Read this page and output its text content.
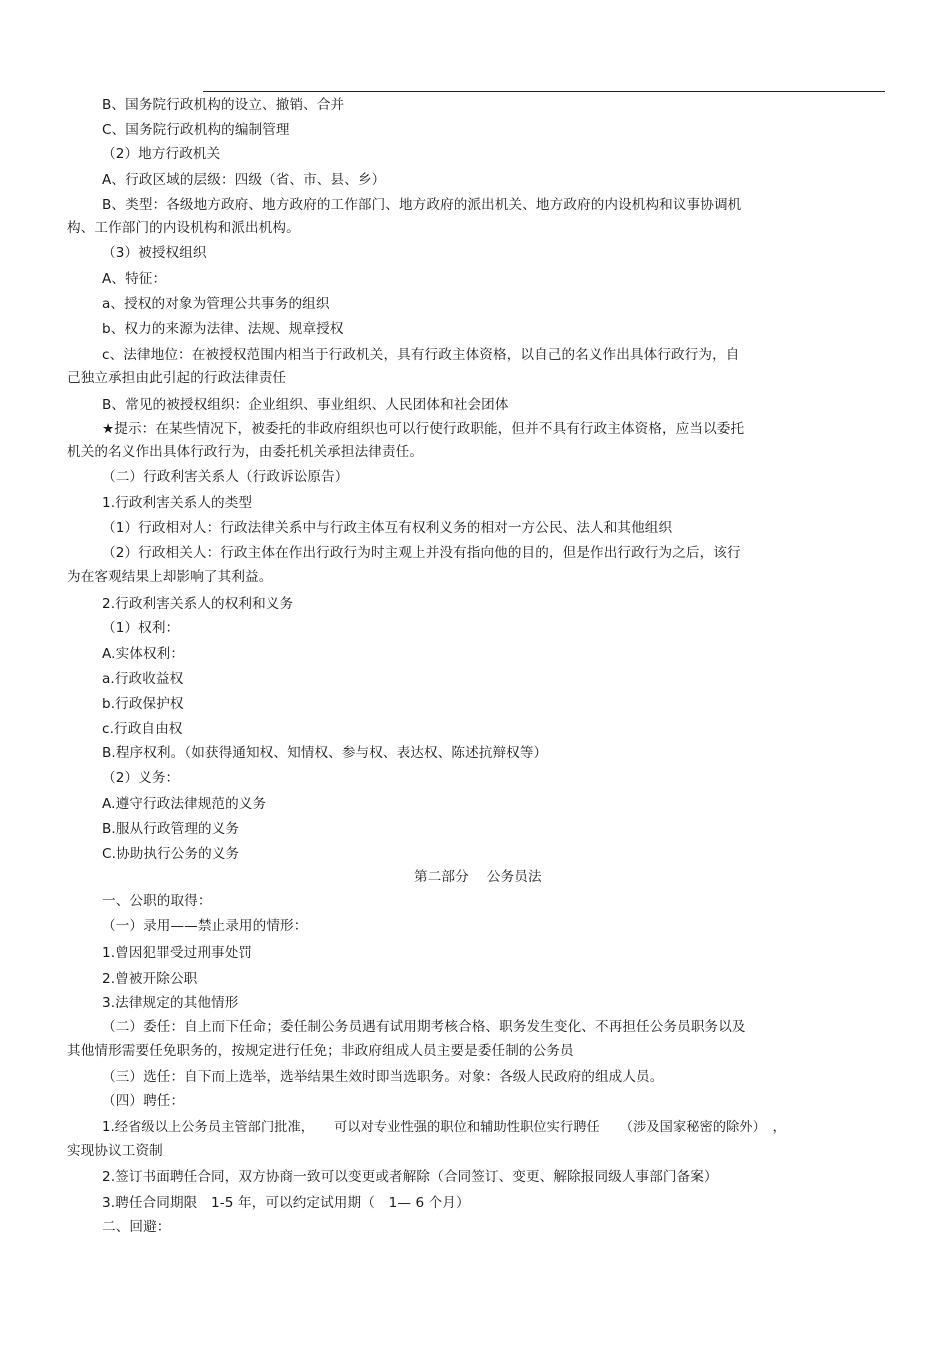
B、国务院行政机构的设立、撤销、合并
C、国务院行政机构的编制管理
（2）地方行政机关
A、行政区域的层级：四级（省、市、县、乡）
B、类型：各级地方政府、地方政府的工作部门、地方政府的派出机关、地方政府的内设机构和议事协调机
构、工作部门的内设机构和派出机构。
（3）被授权组织
A、特征：
a、授权的对象为管理公共事务的组织
b、权力的来源为法律、法规、规章授权
c、法律地位：在被授权范围内相当于行政机关，具有行政主体资格，以自己的名义作出具体行政行为，自
己独立承担由此引起的行政法律责任
B、常见的被授权组织：企业组织、事业组织、人民团体和社会团体
★提示：在某些情况下，被委托的非政府组织也可以行使行政职能，但并不具有行政主体资格，应当以委托
机关的名义作出具体行政行为，由委托机关承担法律责任。
（二）行政利害关系人（行政诉讼原告）
1.行政利害关系人的类型
（1）行政相对人：行政法律关系中与行政主体互有权利义务的相对一方公民、法人和其他组织
（2）行政相关人：行政主体在作出行政行为时主观上并没有指向他的目的，但是作出行政行为之后，该行
为在客观结果上却影响了其利益。
2.行政利害关系人的权利和义务
（1）权利：
A.实体权利：
a.行政收益权
b.行政保护权
c.行政自由权
B.程序权利。（如获得通知权、知情权、参与权、表达权、陈述抗辩权等）
（2）义务：
A.遵守行政法律规范的义务
B.服从行政管理的义务
C.协助执行公务的义务
第二部分　 公务员法
一、公职的取得：
（一）录用——禁止录用的情形：
1.曾因犯罪受过刑事处罚
2.曾被开除公职
3.法律规定的其他情形
（二）委任：自上而下任命；委任制公务员遇有试用期考核合格、职务发生变化、不再担任公务员职务以及
其他情形需要任免职务的，按规定进行任免；非政府组成人员主要是委任制的公务员
（三）选任：自下而上选举，选举结果生效时即当选职务。对象：各级人民政府的组成人员。
（四）聘任：
1.经省级以上公务员主管部门批准，　　可以对专业性强的职位和辅助性职位实行聘任　　（涉及国家秘密的除外）　，
实现协议工资制
2.签订书面聘任合同，双方协商一致可以变更或者解除（合同签订、变更、解除报同级人事部门备案）
3.聘任合同期限　1-5 年，可以约定试用期（　1— 6 个月）
二、回避：
